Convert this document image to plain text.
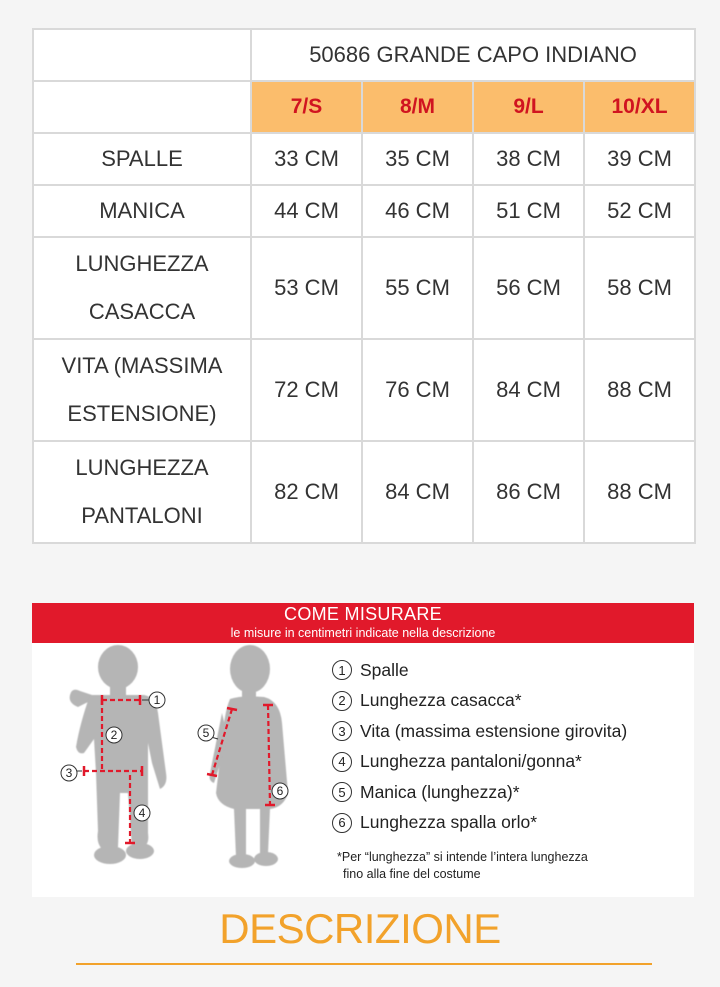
	50686 GRANDE CAPO INDIANO			
	7/S	8/M	9/L	10/XL
SPALLE	33 CM	35 CM	38 CM	39 CM
MANICA	44 CM	46 CM	51 CM	52 CM

LUNGHEZZA
CASACCA	53 CM	55 CM	56 CM	58 CM

VITA (MASSIMA
ESTENSIONE)	72 CM	76 CM	84 CM	88 CM

LUNGHEZZA
PANTALONI	82 CM	84 CM	86 CM	88 CM
COME MISURARE
le misure in centimetri indicate nella descrizione
1
2
3
4
5
6
1 Spalle
2 Lunghezza casacca*
3 Vita (massima estensione girovita)
4 Lunghezza pantaloni/gonna*
5 Manica (lunghezza)*
6 Lunghezza spalla orlo*
*Per “lunghezza” si intende l’intera lunghezza
fino alla fine del costume
DESCRIZIONE
